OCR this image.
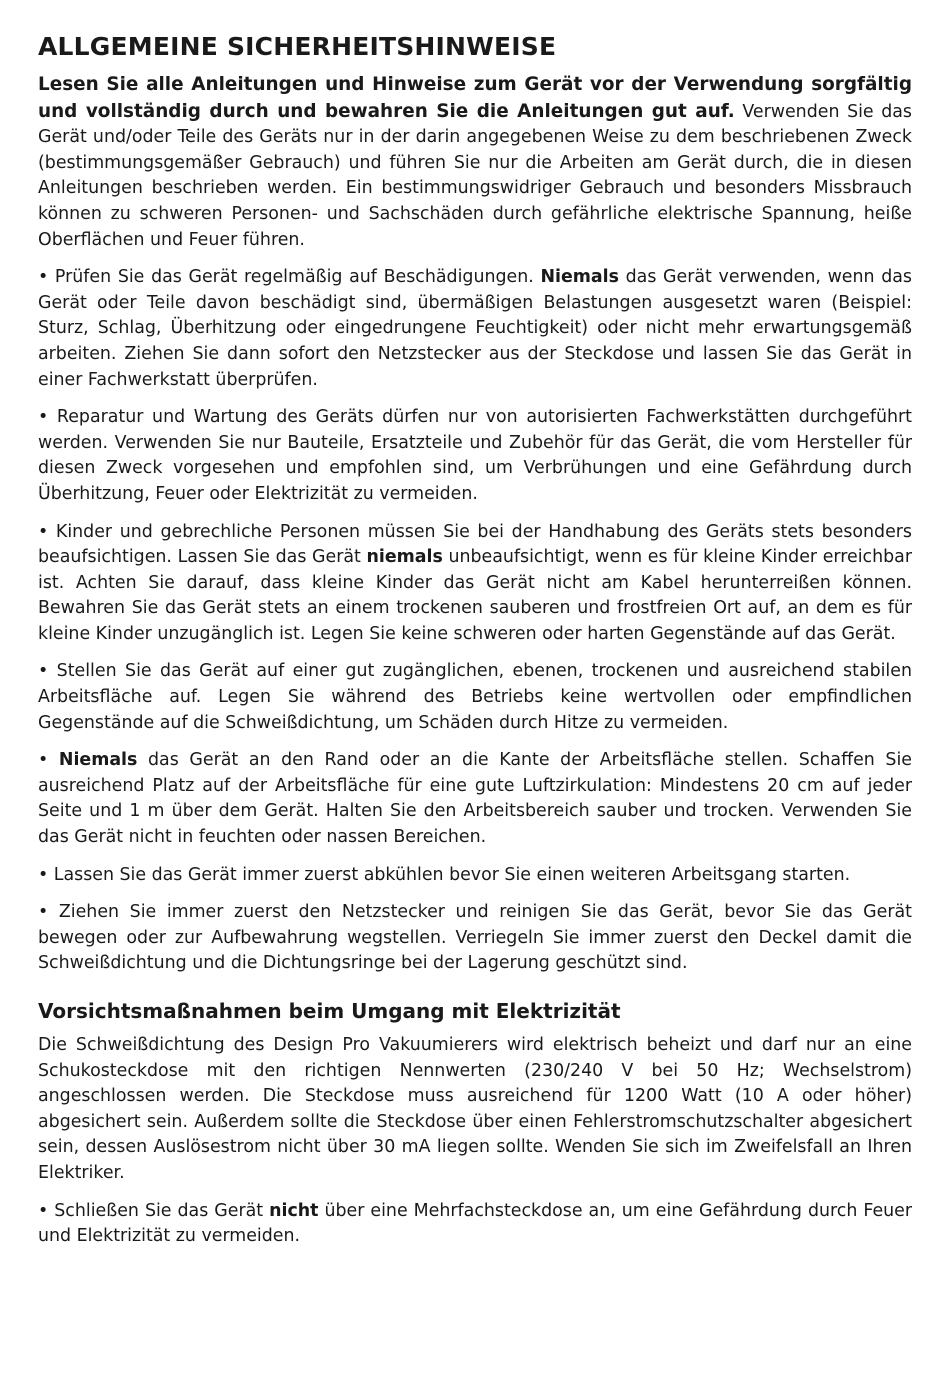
ALLGEMEINE SICHERHEITSHINWEISE

Lesen Sie alle Anleitungen und Hinweise zum Gerät vor der Verwendung sorgfältig und vollständig durch und bewahren Sie die Anleitungen gut auf. Verwenden Sie das Gerät und/oder Teile des Geräts nur in der darin angegebenen Weise zu dem beschriebenen Zweck (bestimmungsgemäßer Gebrauch) und führen Sie nur die Arbeiten am Gerät durch, die in diesen Anleitungen beschrieben werden. Ein bestimmungswidriger Gebrauch und besonders Missbrauch können zu schweren Personen- und Sachschäden durch gefährliche elektrische Spannung, heiße Oberflächen und Feuer führen.

• Prüfen Sie das Gerät regelmäßig auf Beschädigungen. Niemals das Gerät verwenden, wenn das Gerät oder Teile davon beschädigt sind, übermäßigen Belastungen ausgesetzt waren (Beispiel: Sturz, Schlag, Überhitzung oder eingedrungene Feuchtigkeit) oder nicht mehr erwartungsgemäß arbeiten. Ziehen Sie dann sofort den Netzstecker aus der Steckdose und lassen Sie das Gerät in einer Fachwerkstatt überprüfen.

• Reparatur und Wartung des Geräts dürfen nur von autorisierten Fachwerkstätten durchgeführt werden. Verwenden Sie nur Bauteile, Ersatzteile und Zubehör für das Gerät, die vom Hersteller für diesen Zweck vorgesehen und empfohlen sind, um Verbrühungen und eine Gefährdung durch Überhitzung, Feuer oder Elektrizität zu vermeiden.

• Kinder und gebrechliche Personen müssen Sie bei der Handhabung des Geräts stets besonders beaufsichtigen. Lassen Sie das Gerät niemals unbeaufsichtigt, wenn es für kleine Kinder erreichbar ist. Achten Sie darauf, dass kleine Kinder das Gerät nicht am Kabel herunterreißen können. Bewahren Sie das Gerät stets an einem trockenen sauberen und frostfreien Ort auf, an dem es für kleine Kinder unzugänglich ist. Legen Sie keine schweren oder harten Gegenstände auf das Gerät.

• Stellen Sie das Gerät auf einer gut zugänglichen, ebenen, trockenen und ausreichend stabilen Arbeitsfläche auf. Legen Sie während des Betriebs keine wertvollen oder empfindlichen Gegenstände auf die Schweißdichtung, um Schäden durch Hitze zu vermeiden.

• Niemals das Gerät an den Rand oder an die Kante der Arbeitsfläche stellen. Schaffen Sie ausreichend Platz auf der Arbeitsfläche für eine gute Luftzirkulation: Mindestens 20 cm auf jeder Seite und 1 m über dem Gerät. Halten Sie den Arbeitsbereich sauber und trocken. Verwenden Sie das Gerät nicht in feuchten oder nassen Bereichen.

• Lassen Sie das Gerät immer zuerst abkühlen bevor Sie einen weiteren Arbeitsgang starten.

• Ziehen Sie immer zuerst den Netzstecker und reinigen Sie das Gerät, bevor Sie das Gerät bewegen oder zur Aufbewahrung wegstellen. Verriegeln Sie immer zuerst den Deckel damit die Schweißdichtung und die Dichtungsringe bei der Lagerung geschützt sind.

Vorsichtsmaßnahmen beim Umgang mit Elektrizität

Die Schweißdichtung des Design Pro Vakuumierers wird elektrisch beheizt und darf nur an eine Schukosteckdose mit den richtigen Nennwerten (230/240 V bei 50 Hz; Wechselstrom) angeschlossen werden. Die Steckdose muss ausreichend für 1200 Watt (10 A oder höher) abgesichert sein. Außerdem sollte die Steckdose über einen Fehlerstromschutzschalter abgesichert sein, dessen Auslösestrom nicht über 30 mA liegen sollte. Wenden Sie sich im Zweifelsfall an Ihren Elektriker.

• Schließen Sie das Gerät nicht über eine Mehrfachsteckdose an, um eine Gefährdung durch Feuer und Elektrizität zu vermeiden.
